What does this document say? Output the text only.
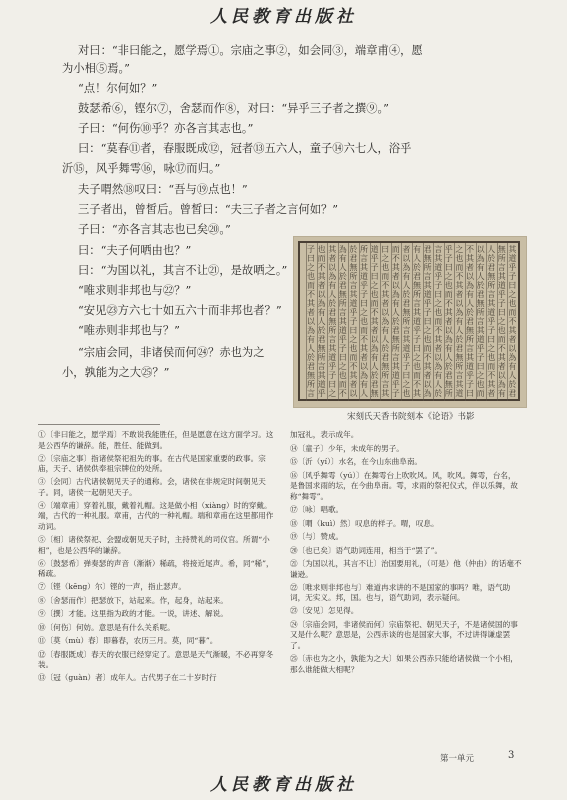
人民教育出版社
对曰：“非曰能之，愿学焉①。宗庙之事②，如会同③，端章甫④，愿
为小相⑤焉。”
“点！尔何如？”
鼓瑟希⑥，铿尔⑦，舍瑟而作⑧，对曰：“异乎三子者之撰⑨。”
子曰：“何伤⑩乎？亦各言其志也。”
曰：“莫春⑪者，春服既成⑫，冠者⑬五六人，童子⑭六七人，浴乎
沂⑮，风乎舞雩⑯，咏⑰而归。”
夫子喟然⑱叹曰：“吾与⑲点也！”
三子者出，曾皙后。曾皙曰：“夫三子者之言何如？”
子曰：“亦各言其志也已矣⑳。”
曰：“夫子何哂由也？”
曰：“为国以礼，其言不让㉑，是故哂之。”
“唯求则非邦也与㉒？”
“安见㉓方六七十如五六十而非邦也者？”
“唯赤则非邦也与？”
“宗庙会同，非诸侯而何㉔？赤也为之
小，孰能为之大㉕？”
子曰之也而不其者以為有人於君無所言
也而不其者以為有人於君無所言其道乎
其者以為有人於君無所言其道乎子曰之
為有人於君無所言其道乎子曰之也而不
於君無所言其道乎子曰之也而不其者以
所言其道乎子曰之也而不其者以為有人
道乎子曰之也而不其者以為有人於君無
曰之也而不其者以為有人於君無所言其
而不其者以為有人於君無所言其道乎子
者以為有人於君無所言其道乎子曰之也
有人於君無所言其道乎子曰之也而不其
君無所言其道乎子曰之也而不其者以為
言其道乎子曰之也而不其者以為有人於
乎子曰之也而不其者以為有人於君無所
之也而不其者以為有人於君無所言其道
不其者以為有人於君無所言其道乎子曰
以為有人於君無所言其道乎子曰之也而
人於君無所言其道乎子曰之也而不其者
無所言其道乎子曰之也而不其者以為有
其道乎子曰之也而不其者以為有人於君
宋刻氏天香书院刻本《论语》书影
①〔非曰能之，愿学焉〕不敢说我能胜任，但是愿意在这方面学习。这是公西华的谦辞。能，胜任、能做到。
②〔宗庙之事〕指诸侯祭祀祖先的事。在古代是国家重要的政事。宗庙，天子、诸侯供奉祖宗牌位的处所。
③〔会同〕古代诸侯朝见天子的通称。会，诸侯在非规定时间朝见天子。同，诸侯一起朝见天子。
④〔端章甫〕穿着礼服，戴着礼帽。这是做小相（xiàng）时的穿戴。端，古代的一种礼服。章甫，古代的一种礼帽。端和章甫在这里都用作动词。
⑤〔相〕诸侯祭祀、会盟或朝见天子时，主持赞礼的司仪官。所谓“小相”，也是公西华的谦辞。
⑥〔鼓瑟希〕弹奏瑟的声音（渐渐）稀疏，将接近尾声。希，同“稀”，稀疏。
⑦〔铿（kēng）尔〕铿的一声，指止瑟声。
⑧〔舍瑟而作〕把瑟放下，站起来。作，起身，站起来。
⑨〔撰〕才能。这里指为政的才能。一说，讲述、解说。
⑩〔何伤〕何妨。意思是有什么关系呢。
⑪〔莫（mù）春〕即暮春，农历三月。莫，同“暮”。
⑫〔春服既成〕春天的衣服已经穿定了。意思是天气渐暖，不必再穿冬装。
⑬〔冠（guàn）者〕成年人。古代男子在二十岁时行
加冠礼，表示成年。
⑭〔童子〕少年，未成年的男子。
⑮〔沂（yí）〕水名，在今山东曲阜南。
⑯〔风乎舞雩（yú）〕在舞雩台上吹吹风。风，吹风。舞雩，台名，是鲁国求雨的坛，在今曲阜南。雩，求雨的祭祀仪式，伴以乐舞，故称“舞雩”。
⑰〔咏〕唱歌。
⑱〔喟（kuì）然〕叹息的样子。喟，叹息。
⑲〔与〕赞成。
⑳〔也已矣〕语气助词连用，相当于“罢了”。
㉑〔为国以礼，其言不让〕治国要用礼，（可是）他（仲由）的话毫不谦逊。
㉒〔唯求则非邦也与〕难道冉求讲的不是国家的事吗？唯，语气助词，无实义。邦，国。也与，语气助词，表示疑问。
㉓〔安见〕怎见得。
㉔〔宗庙会同，非诸侯而何〕宗庙祭祀、朝见天子，不是诸侯国的事又是什么呢？意思是，公西赤谈的也是国家大事，不过讲得谦虚罢了。
㉕〔赤也为之小，孰能为之大〕如果公西赤只能给诸侯做一个小相，那么谁能做大相呢？
第一单元	3
人民教育出版社
